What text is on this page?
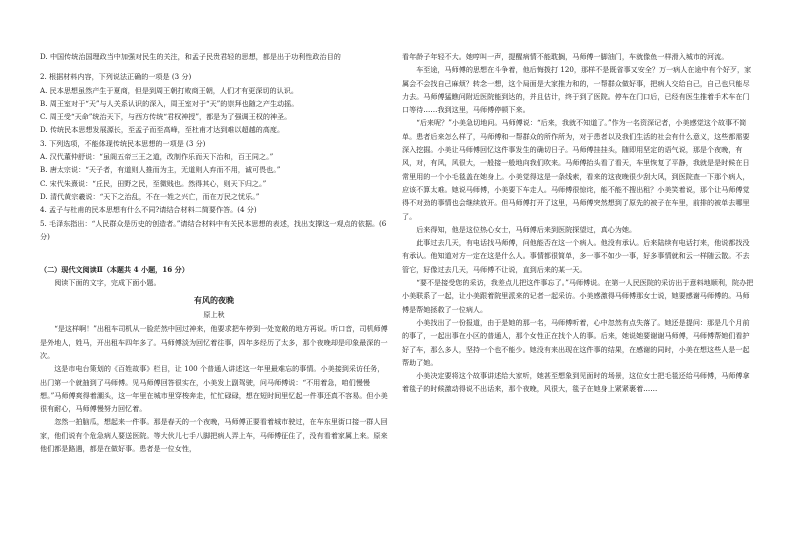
D. 中国传统治国理政当中加强对民生的关注，和孟子民贵君轻的思想，都是出于功利性政治目的

2. 根据材料内容，下列说法正确的一项是 (3 分)

A. 民本思想虽然产生于夏商，但是到周王朝打败商王朝，人们才有更深切的认识。

B. 周王室对于“天”与人关系认识的深入，周王室对于“天”的崇拜也随之产生动摇。

C. 周王受“天命”统治天下，与西方传统“君权神授”，都是为了强调王权的神圣。

D. 传统民本思想发展源长，至孟子而至高峰，至杜甫才达到难以超越的高度。

3. 下列选项，不能体现传统民本思想的一项是 (3 分)

A. 汉代董仲舒说：“虽阁五帝三王之道，改制作乐而天下治和，百王同之。”

B. 唐太宗说：“天子者，有道则人推而为主，无道则人弃而不用，诚可畏也。”

C. 宋代朱熹说：“丘民，田野之民，至微贱也。然得其心，则天下归之。”

D. 清代黄宗羲说：“天下之治乱，不在一姓之兴亡，而在万民之忧乐。”

4. 孟子与杜甫的民本思想有什么不同?请结合材料二简要作答。(4 分)

5. 毛泽东指出：“人民群众是历史的创造者。”请结合材料中有关民本思想的表述，找出支撑这一观点的依据。(6 分)

（二）现代文阅读Ⅱ（本题共 4 小题，16 分）

阅读下面的文字，完成下面小题。

有风的夜晚

原上秋

“是这样啊！”出租车司机从一脸茫然中回过神来，他要求把车停到一处宽敞的地方再说。听口音，司机师傅是外地人，姓马，开出租车四年多了。马师傅淡为回忆着往事，四年多经历了太多，那个夜晚却是印象最深的一次。

这是市电台策划的《百姓故事》栏目，让 100 个普通人讲述这一年里最难忘的事情。小美接到采访任务，出门第一个就抽到了马师傅。见马师傅回答很实在，小美发上副驾驶，问马师傅说：“不用着急，咱们慢慢想。”马师傅爽得着潮头，这一年里在城市里穿梭奔走，忙忙碌碌，想在短时间里忆起一件事还真不容易。但小美很有耐心，马师傅慢努力回忆着。

忽然一拍脑瓜，想起来一件事。那是春天的一个夜晚，马师傅正要看着城市驶过，在车东里街口接一群人回家，他们说有个危急病人要送医院。等大伙儿七手八脚把病人弄上车，马师傅征住了，没有看着家属上来。原来他们都是路遇，都是在做好事。患者是一位女性，

看年龄子年轻不大。她哼叫一声，提醒病情不能耽搁，马师傅一脚油门，车就像鱼一样滑入城市的河流。

车至途，马师傅的思想在斗争着，他后悔拨打 120，那样不是既省事又安全？万一病人在途中有个好歹，家属会不会找自己麻烦？转念一想，这个局面是大家推力和的，一帮群众做好事，把病人交给自己，自己也只能尽力去。马师傅猛瞧问附近医院能到达的，并且估计，终于到了医院。停车在门口后，已经有医生推着手术车在门口等待……我到这里，马师傅停顿下来。

“后来呢？”小美急切地问。马师傅说：“后来，我就不知道了。”作为一名资深记者，小美感觉这个故事不简单。患者后来怎么样了，马师傅和一帮群众的所作所为，对于患者以及我们生活的社会有什么意义，这些都需要深入挖掘。小美让马师傅回忆这件事发生的确切日子。马师傅挂挂头，随即用坚定的语气说，那是个夜晚，有风，对，有风，风很大，一般接一般地向我们吹来。马师傅抬头看了看天，车里恢复了平静，我就是是时候在日常里用的一个小毛毯盖在她身上。小美觉得这是一条线索，看来的这夜晚很少刮大风，到医院查一下那个病人，应该不算太难。她说马师傅，小美要下车走人。马师傅很惊诧，能不能不搜出租？小美笑着说，那个让马师傅觉得不对劲的事情也会继续放开。但马师傅打开了这里，马师傅突然想到了原先的被子在车里，前排的被单去哪里了。

后来得知，他是这位热心女士，马师傅后来到医院探望过，真心为她。

此事过去几天，有电话找马师傅，问他能否在这一个病人。他没有承认。后来陆续有电话打来，他说都找没有承认。他知道对方一定在这是什么人。事情都很简单，多一事不如少一事，好多事情就和云一样随云散。不去管它，好像过去几天，马师傅不让说，直到后来的某一天。

“要不是接受您的采访，我差点儿把这件事忘了。”马师傅说。在第一人民医院的采访出于意料地顺利，院办把小美联系了一起，让小美跟着院里派来的记者一起采访。小美感激得马师傅那女士说，她要感谢马师傅的。马师傅是帮她拯救了一位病人。

小美找出了一份报道，由于是她的那一名，马师傅听着，心中忽然有点失落了。她还是提问：那是几个月前的事了，一起出事在小区的普通人，那个女性正在找个人的事。后来，她说她要谢谢马师傅，马师傅帮她们看护好了车，那么多人，坚持一个也不能少。她没有来出现在这件事的结果，在感谢的同时，小美在想这些人是一起帮助了她。

小美决定要将这个故事讲述给大家听，她甚至想象到见面时的场景，这位女士把毛毯还给马师傅，马师傅拿着毯子的时候激动得说不出话来，那个夜晚，风很大，毯子在她身上紧紧裹着……
